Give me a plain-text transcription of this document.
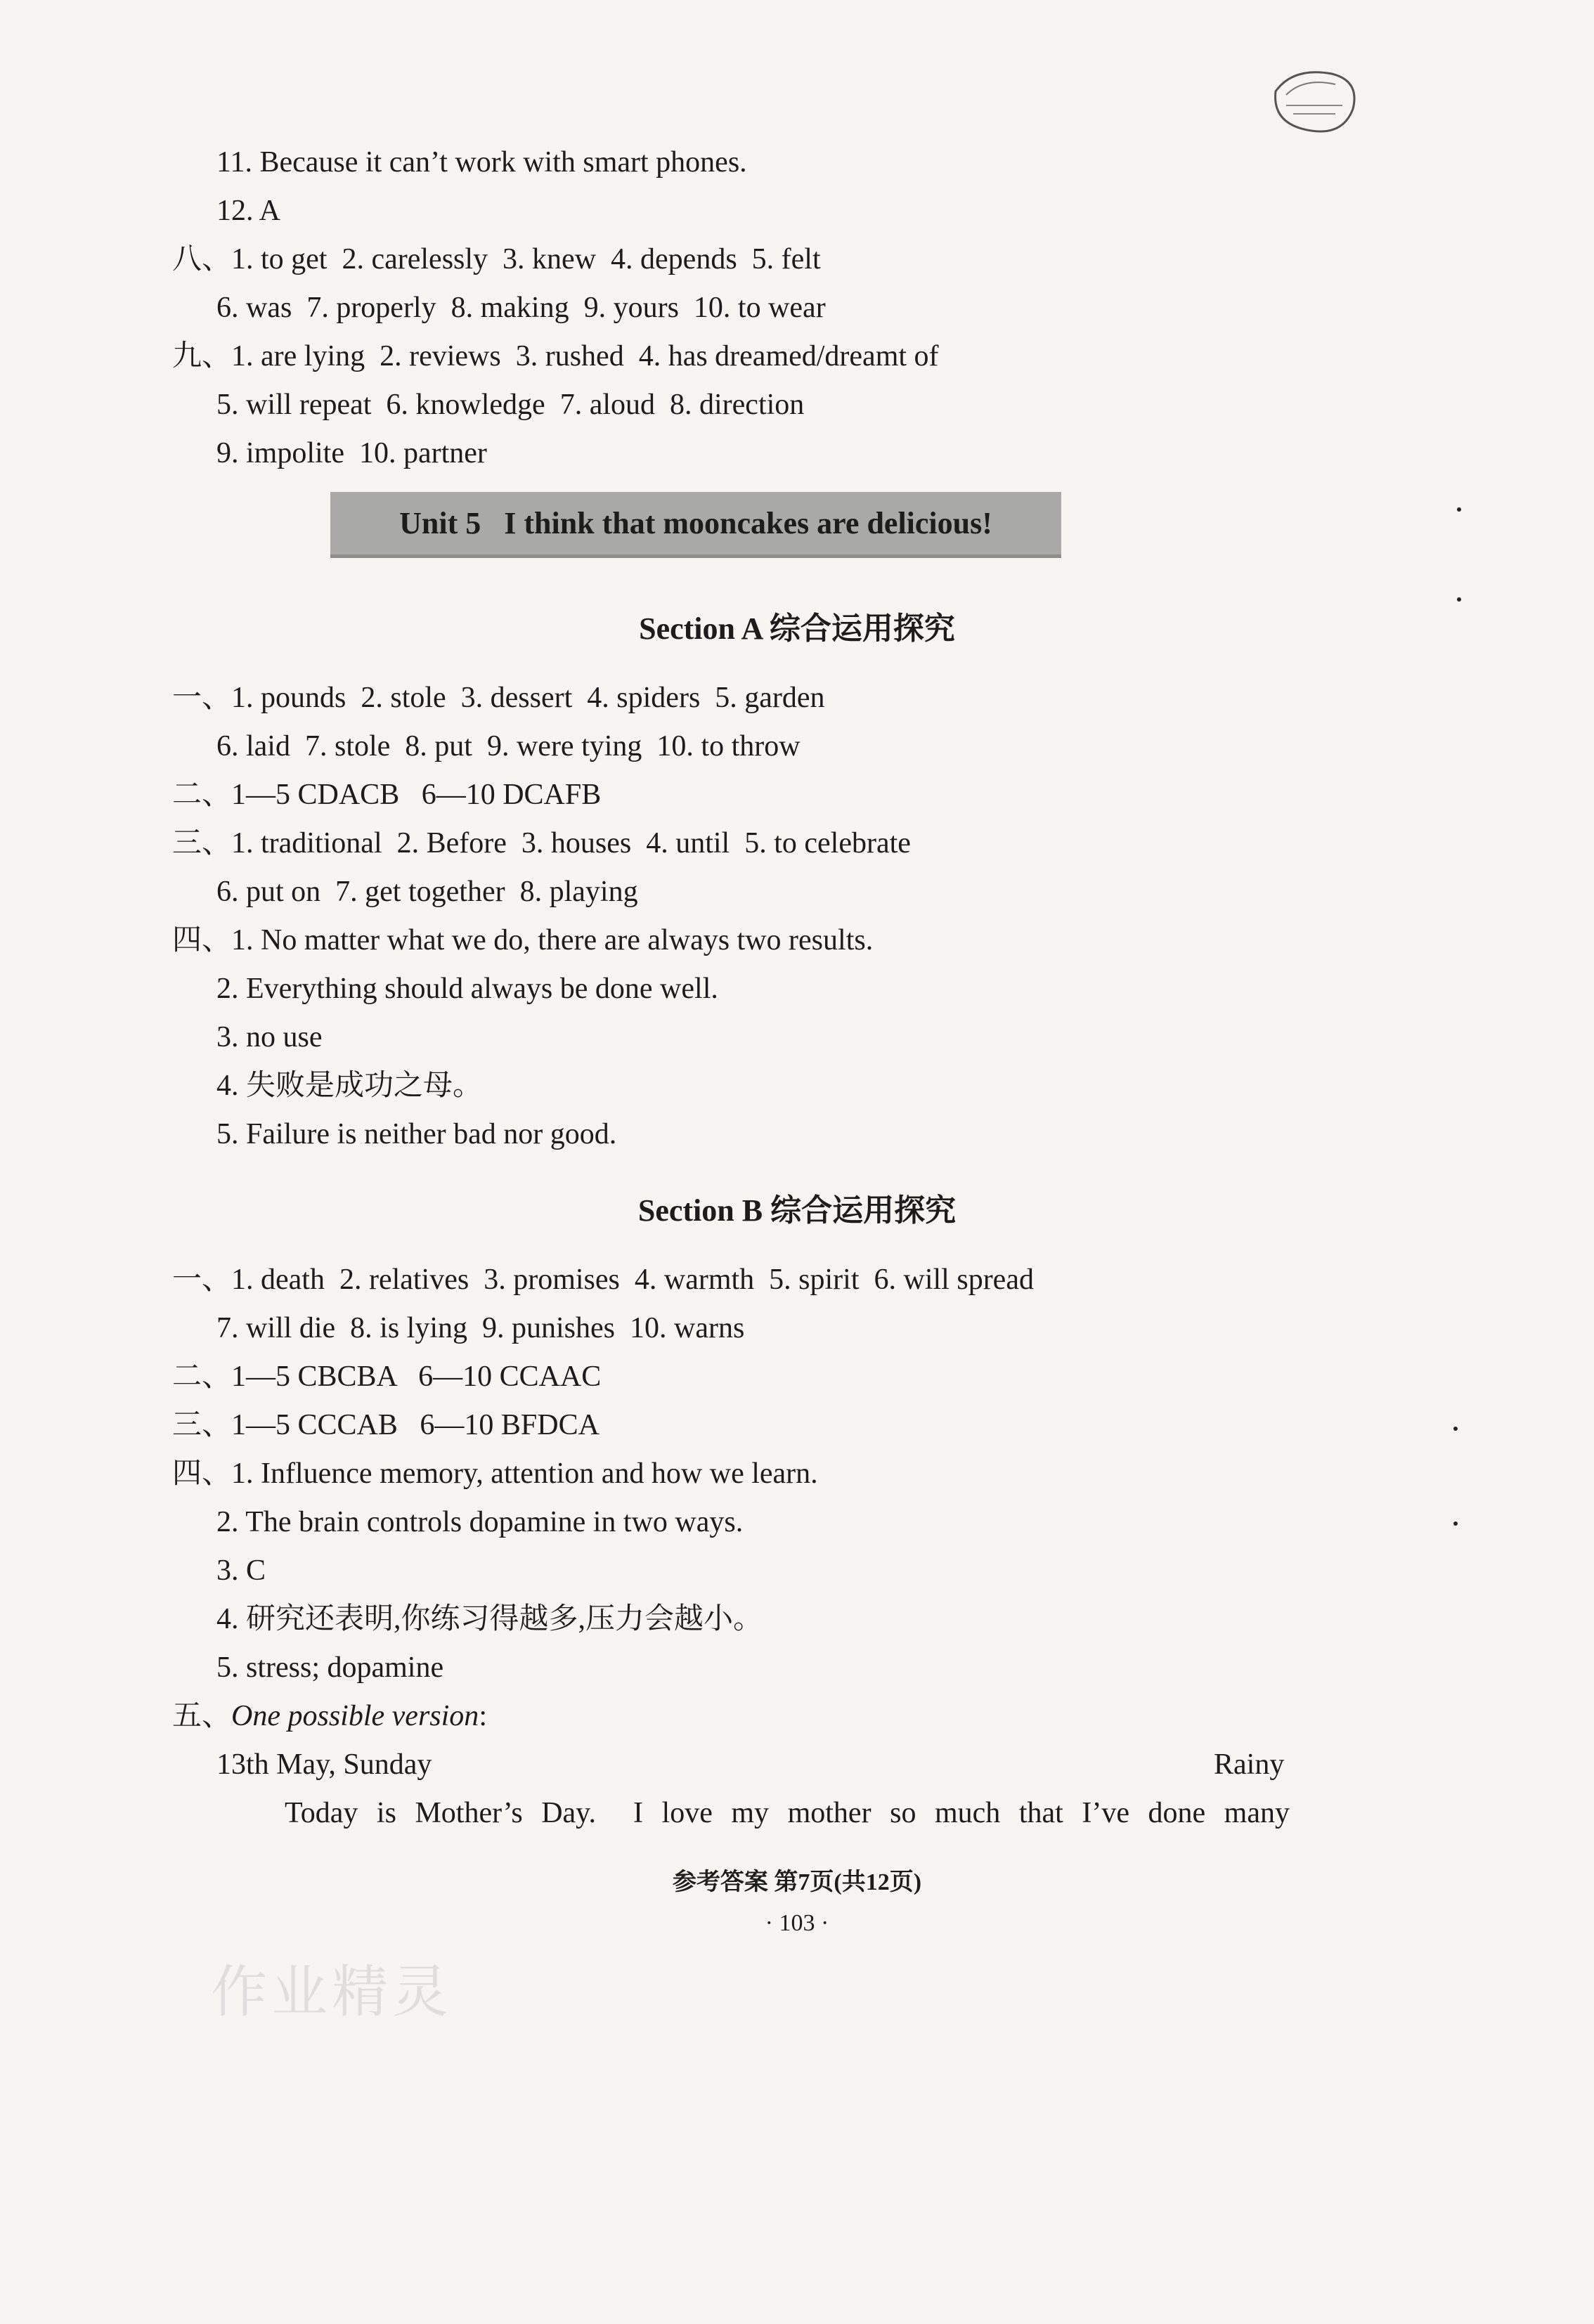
11. Because it can’t work with smart phones.
12. A
八、1. to get  2. carelessly  3. knew  4. depends  5. felt
6. was  7. properly  8. making  9. yours  10. to wear
九、1. are lying  2. reviews  3. rushed  4. has dreamed/dreamt of
5. will repeat  6. knowledge  7. aloud  8. direction
9. impolite  10. partner
Unit 5   I think that mooncakes are delicious!
Section A 综合运用探究
一、1. pounds  2. stole  3. dessert  4. spiders  5. garden
6. laid  7. stole  8. put  9. were tying  10. to throw
二、1—5 CDACB   6—10 DCAFB
三、1. traditional  2. Before  3. houses  4. until  5. to celebrate
6. put on  7. get together  8. playing
四、1. No matter what we do, there are always two results.
2. Everything should always be done well.
3. no use
4. 失败是成功之母。
5. Failure is neither bad nor good.
Section B 综合运用探究
一、1. death  2. relatives  3. promises  4. warmth  5. spirit  6. will spread
7. will die  8. is lying  9. punishes  10. warns
二、1—5 CBCBA   6—10 CCAAC
三、1—5 CCCAB   6—10 BFDCA
四、1. Influence memory, attention and how we learn.
2. The brain controls dopamine in two ways.
3. C
4. 研究还表明,你练习得越多,压力会越小。
5. stress; dopamine
五、One possible version:
13th May, Sunday	Rainy
Today is Mother’s Day.  I love my mother so much that I’ve done many
参考答案 第7页(共12页)
· 103 ·
作业精灵
